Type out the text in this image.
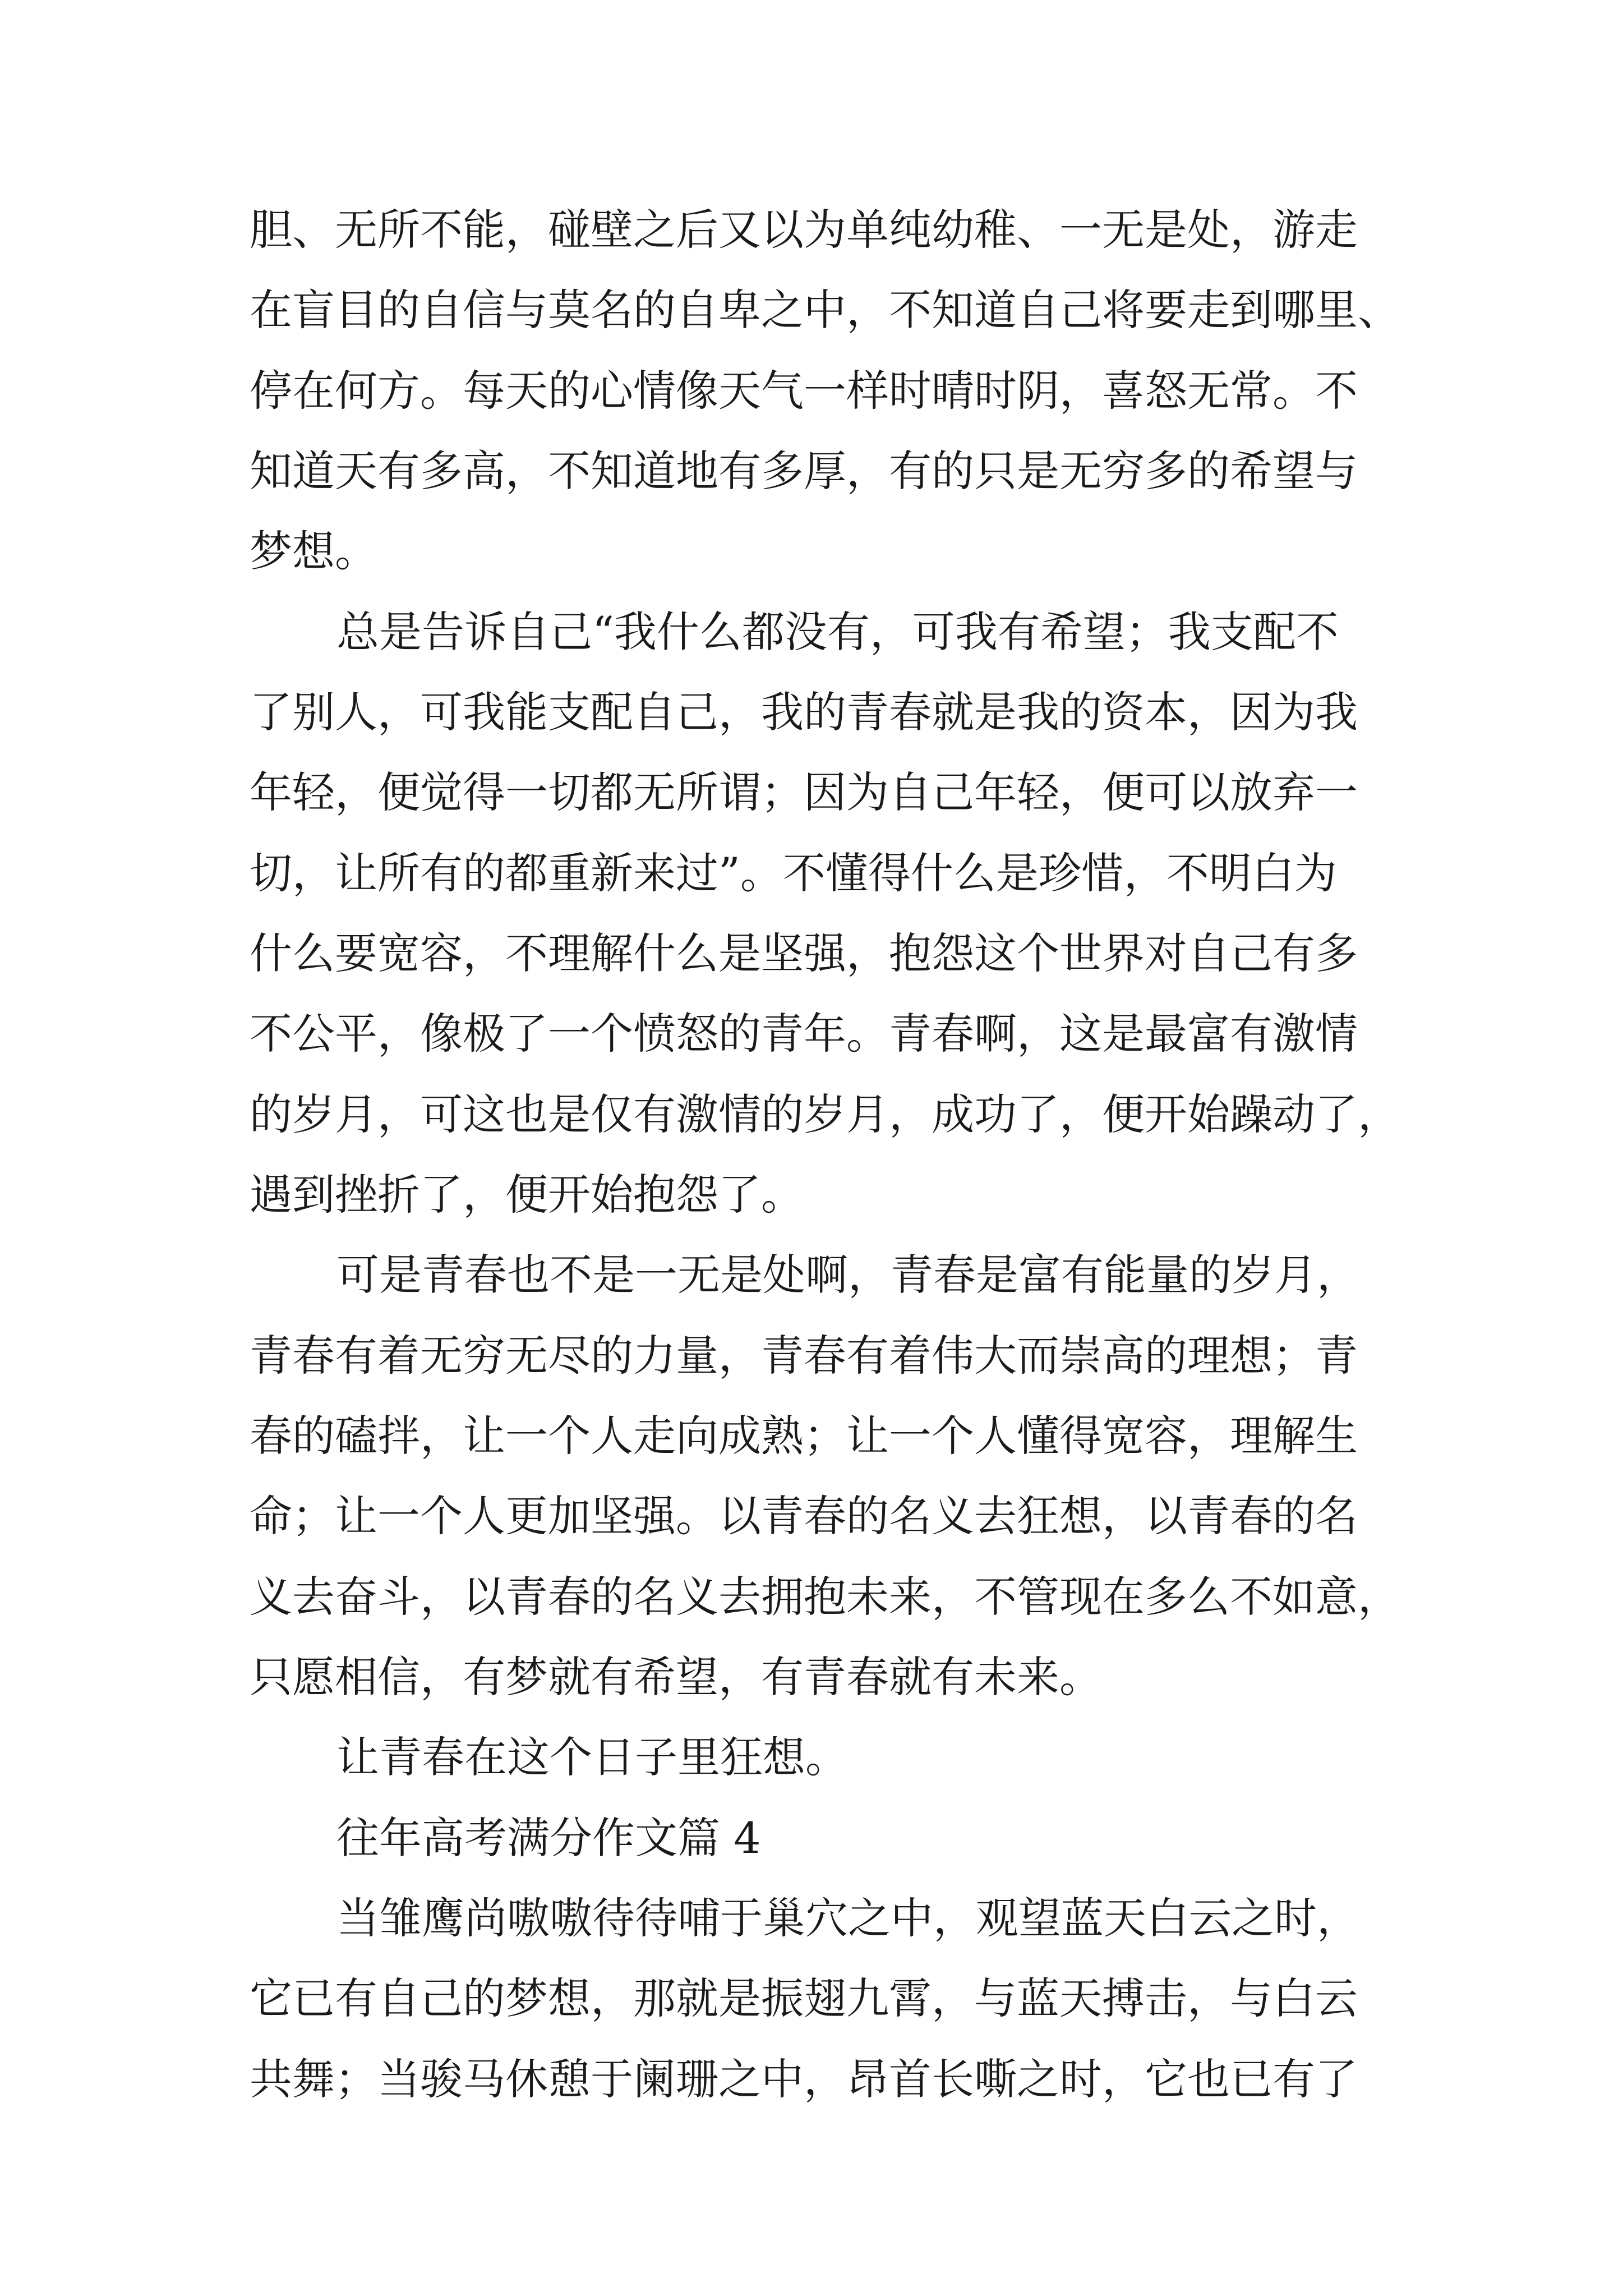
胆、无所不能，碰壁之后又以为单纯幼稚、一无是处，游走
在盲目的自信与莫名的自卑之中，不知道自己将要走到哪里、
停在何方。每天的心情像天气一样时晴时阴，喜怒无常。不
知道天有多高，不知道地有多厚，有的只是无穷多的希望与
梦想。
总是告诉自己“我什么都没有，可我有希望；我支配不
了别人，可我能支配自己，我的青春就是我的资本，因为我
年轻，便觉得一切都无所谓；因为自己年轻，便可以放弃一
切，让所有的都重新来过”。不懂得什么是珍惜，不明白为
什么要宽容，不理解什么是坚强，抱怨这个世界对自己有多
不公平，像极了一个愤怒的青年。青春啊，这是最富有激情
的岁月，可这也是仅有激情的岁月，成功了，便开始躁动了，
遇到挫折了，便开始抱怨了。
可是青春也不是一无是处啊，青春是富有能量的岁月，
青春有着无穷无尽的力量，青春有着伟大而崇高的理想；青
春的磕拌，让一个人走向成熟；让一个人懂得宽容，理解生
命；让一个人更加坚强。以青春的名义去狂想，以青春的名
义去奋斗，以青春的名义去拥抱未来，不管现在多么不如意，
只愿相信，有梦就有希望，有青春就有未来。
让青春在这个日子里狂想。
往年高考满分作文篇 4
当雏鹰尚嗷嗷待待哺于巢穴之中，观望蓝天白云之时，
它已有自己的梦想，那就是振翅九霄，与蓝天搏击，与白云
共舞；当骏马休憩于阑珊之中，昂首长嘶之时，它也已有了
